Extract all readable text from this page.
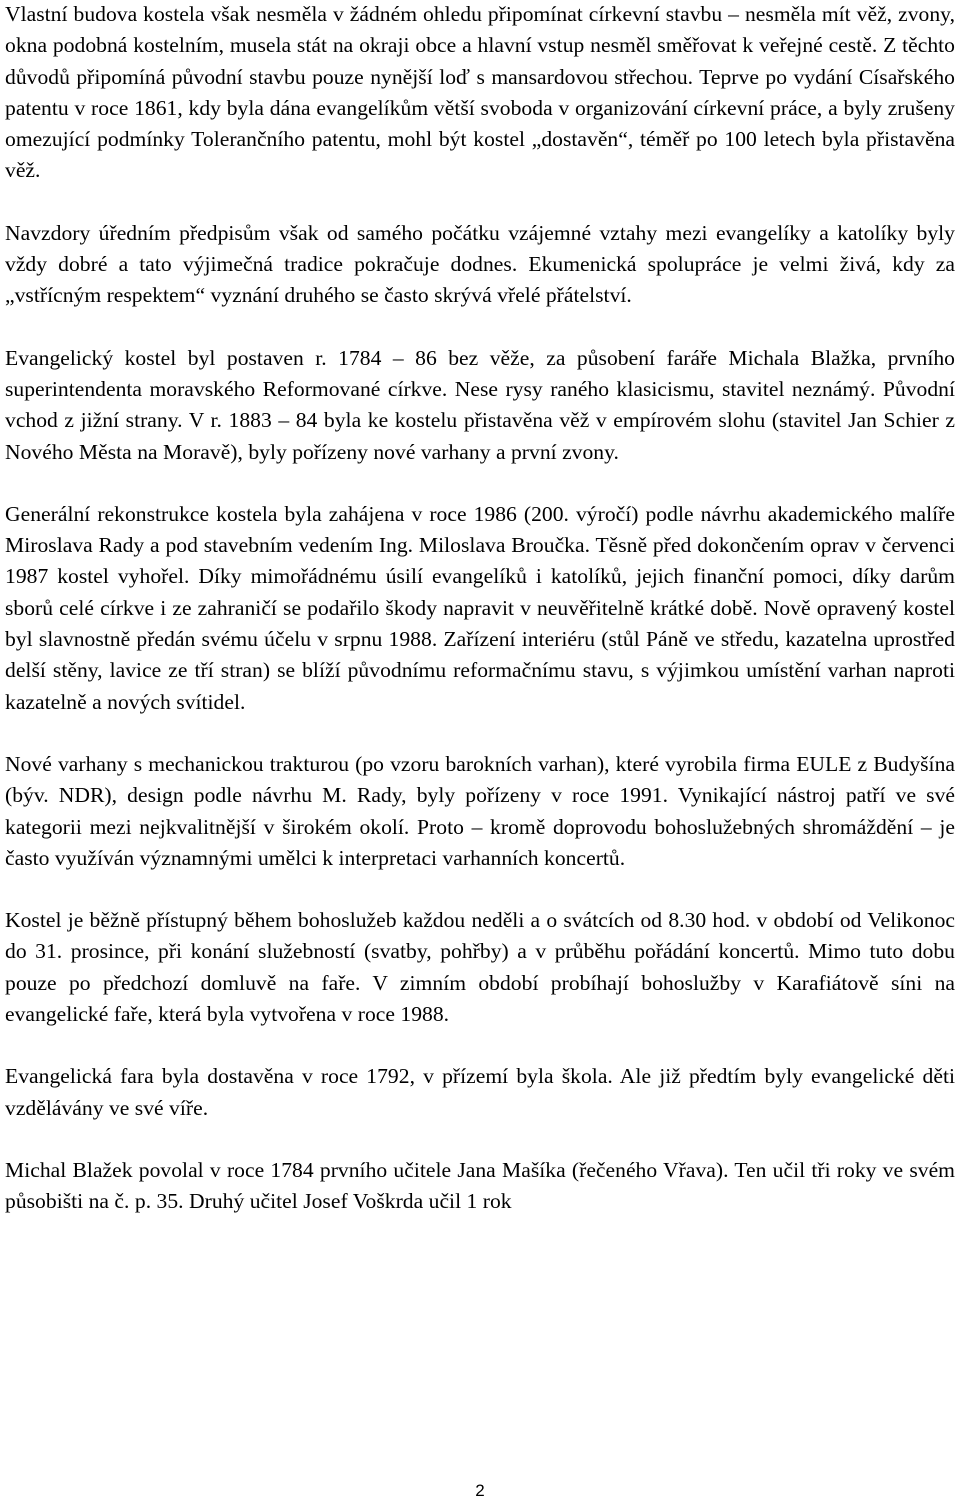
Vlastní budova kostela však nesměla v žádném ohledu připomínat církevní stavbu – nesměla mít věž, zvony, okna podobná kostelním, musela stát na okraji obce a hlavní vstup nesměl směřovat k veřejné cestě. Z těchto důvodů připomíná původní stavbu pouze nynější loď s mansardovou střechou. Teprve po vydání Císařského patentu v roce 1861, kdy byla dána evangelíkům větší svoboda v organizování církevní práce, a byly zrušeny omezující podmínky Tolerančního patentu, mohl být kostel „dostavěn“, téměř po 100 letech byla přistavěna věž.

Navzdory úředním předpisům však od samého počátku vzájemné vztahy mezi evangelíky a katolíky byly vždy dobré a tato výjimečná tradice pokračuje dodnes. Ekumenická spolupráce je velmi živá, kdy za „vstřícným respektem“ vyznání druhého se často skrývá vřelé přátelství.

Evangelický kostel byl postaven r. 1784 – 86 bez věže, za působení faráře Michala Blažka, prvního superintendenta moravského Reformované církve. Nese rysy raného klasicismu, stavitel neznámý. Původní vchod z jižní strany. V r. 1883 – 84 byla ke kostelu přistavěna věž v empírovém slohu (stavitel Jan Schier z Nového Města na Moravě), byly pořízeny nové varhany a první zvony.

Generální rekonstrukce kostela byla zahájena v roce 1986 (200. výročí) podle návrhu akademického malíře Miroslava Rady a pod stavebním vedením Ing. Miloslava Broučka. Těsně před dokončením oprav v červenci 1987 kostel vyhořel. Díky mimořádnému úsilí evangelíků i katolíků, jejich finanční pomoci, díky darům sborů celé církve i ze zahraničí se podařilo škody napravit v neuvěřitelně krátké době. Nově opravený kostel byl slavnostně předán svému účelu v srpnu 1988. Zařízení interiéru (stůl Páně ve středu, kazatelna uprostřed delší stěny, lavice ze tří stran) se blíží původnímu reformačnímu stavu, s výjimkou umístění varhan naproti kazatelně a nových svítidel.

Nové varhany s mechanickou trakturou (po vzoru barokních varhan), které vyrobila firma EULE z Budyšína (býv. NDR), design podle návrhu M. Rady, byly pořízeny v roce 1991. Vynikající nástroj patří ve své kategorii mezi nejkvalitnější v širokém okolí. Proto – kromě doprovodu bohoslužebných shromáždění – je často využíván významnými umělci k interpretaci varhanních koncertů.

Kostel je běžně přístupný během bohoslužeb každou neděli a o svátcích od 8.30 hod. v období od Velikonoc do 31. prosince, při konání služebností (svatby, pohřby) a v průběhu pořádání koncertů. Mimo tuto dobu pouze po předchozí domluvě na faře. V zimním období probíhají bohoslužby v Karafiátově síni na evangelické faře, která byla vytvořena v roce 1988.

Evangelická fara byla dostavěna v roce 1792, v přízemí byla škola. Ale již předtím byly evangelické děti vzdělávány ve své víře.

Michal Blažek povolal v roce 1784 prvního učitele Jana Mašíka (řečeného Vřava). Ten učil tři roky ve svém působišti na č. p. 35. Druhý učitel Josef Voškrda učil 1 rok

2
